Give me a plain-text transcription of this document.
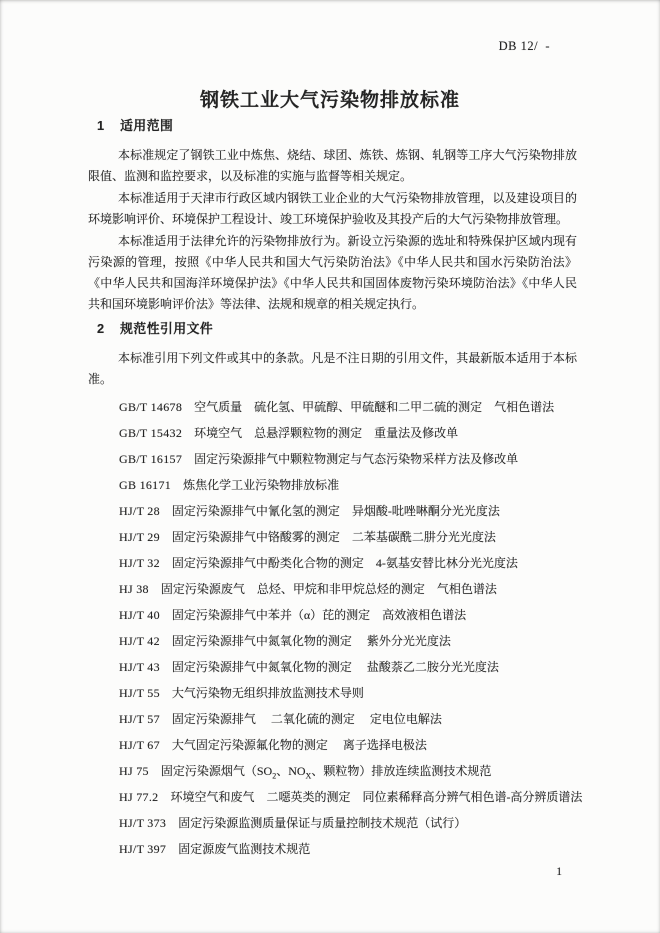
DB 12/  -
钢铁工业大气污染物排放标准
1 适用范围

本标准规定了钢铁工业中炼焦、烧结、球团、炼铁、炼钢、轧钢等工序大气污染物排放限值、监测和监控要求，以及标准的实施与监督等相关规定。

本标准适用于天津市行政区域内钢铁工业企业的大气污染物排放管理，以及建设项目的环境影响评价、环境保护工程设计、竣工环境保护验收及其投产后的大气污染物排放管理。

本标准适用于法律允许的污染物排放行为。新设立污染源的选址和特殊保护区域内现有污染源的管理，按照《中华人民共和国大气污染防治法》《中华人民共和国水污染防治法》《中华人民共和国海洋环境保护法》《中华人民共和国固体废物污染环境防治法》《中华人民共和国环境影响评价法》等法律、法规和规章的相关规定执行。

2 规范性引用文件

本标准引用下列文件或其中的条款。凡是不注日期的引用文件，其最新版本适用于本标准。

GB/T 14678 空气质量　硫化氢、甲硫醇、甲硫醚和二甲二硫的测定　气相色谱法
GB/T 15432 环境空气　总悬浮颗粒物的测定　重量法及修改单
GB/T 16157 固定污染源排气中颗粒物测定与气态污染物采样方法及修改单
GB 16171 炼焦化学工业污染物排放标准
HJ/T 28 固定污染源排气中氰化氢的测定　异烟酸-吡唑啉酮分光光度法
HJ/T 29 固定污染源排气中铬酸雾的测定　二苯基碳酰二肼分光光度法
HJ/T 32 固定污染源排气中酚类化合物的测定　4-氨基安替比林分光光度法
HJ 38 固定污染源废气　总烃、甲烷和非甲烷总烃的测定　气相色谱法
HJ/T 40 固定污染源排气中苯并（α）芘的测定　高效液相色谱法
HJ/T 42 固定污染源排气中氮氧化物的测定　 紫外分光光度法
HJ/T 43 固定污染源排气中氮氧化物的测定　 盐酸萘乙二胺分光光度法
HJ/T 55 大气污染物无组织排放监测技术导则
HJ/T 57 固定污染源排气　 二氧化硫的测定　 定电位电解法
HJ/T 67 大气固定污染源氟化物的测定　 离子选择电极法
HJ 75 固定污染源烟气（$SO_2$、$NO_X$、颗粒物）排放连续监测技术规范
HJ 77.2 环境空气和废气　二噁英类的测定　同位素稀释高分辨气相色谱-高分辨质谱法
HJ/T 373 固定污染源监测质量保证与质量控制技术规范（试行）
HJ/T 397 固定源废气监测技术规范
1
